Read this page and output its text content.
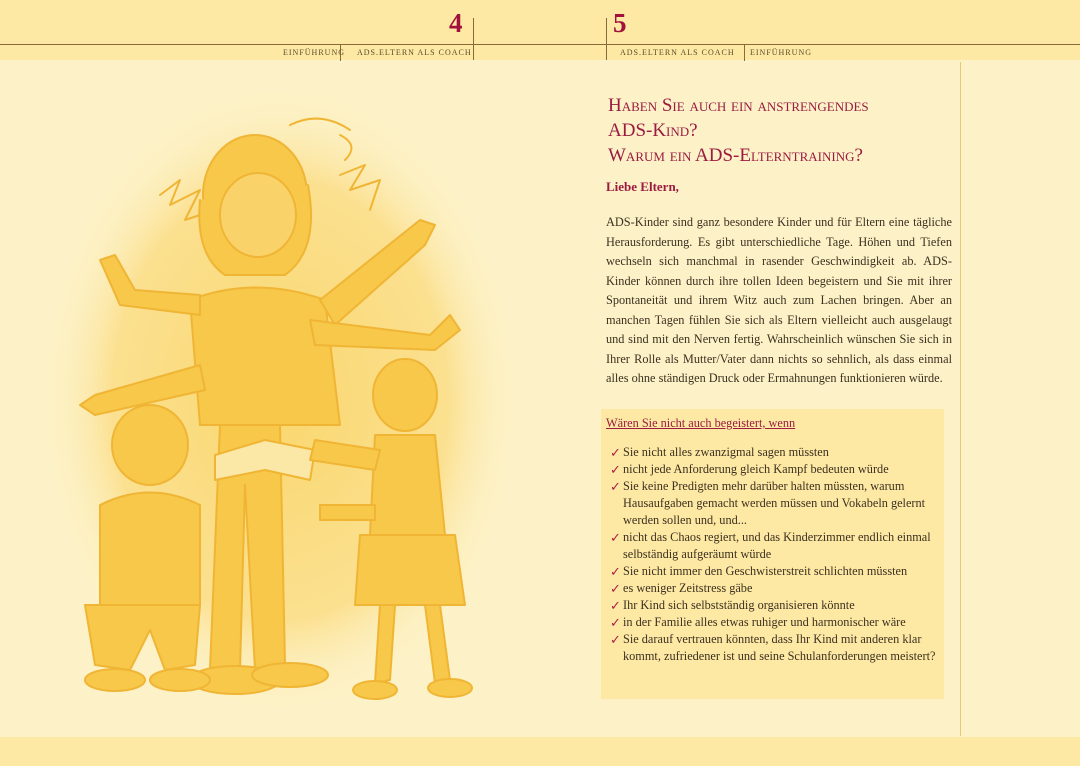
4	5
EINFÜHRUNG ADS.ELTERN ALS COACH	ADS.ELTERN ALS COACH EINFÜHRUNG
Haben Sie auch ein anstrengendes
ADS-Kind?
Warum ein ADS-Elterntraining?
Liebe Eltern,
ADS-Kinder sind ganz besondere Kinder und für Eltern eine tägliche Herausforderung. Es gibt unterschiedliche Tage. Höhen und Tiefen wechseln sich manchmal in rasender Geschwindigkeit ab. ADS-Kinder können durch ihre tollen Ideen begeistern und Sie mit ihrer Spontaneität und ihrem Witz auch zum Lachen bringen. Aber an manchen Tagen fühlen Sie sich als Eltern vielleicht auch ausgelaugt und sind mit den Nerven fertig. Wahrscheinlich wünschen Sie sich in Ihrer Rolle als Mutter/Vater dann nichts so sehnlich, als dass einmal alles ohne ständigen Druck oder Ermahnungen funktionieren würde.
Wären Sie nicht auch begeistert, wenn
✓ Sie nicht alles zwanzigmal sagen müssten
✓ nicht jede Anforderung gleich Kampf bedeuten würde
✓ Sie keine Predigten mehr darüber halten müssten, warum Hausaufgaben gemacht werden müssen und Vokabeln gelernt werden sollen und, und...
✓ nicht das Chaos regiert, und das Kinderzimmer endlich einmal selbständig aufgeräumt würde
✓ Sie nicht immer den Geschwisterstreit schlichten müssten
✓ es weniger Zeitstress gäbe
✓ Ihr Kind sich selbstständig organisieren könnte
✓ in der Familie alles etwas ruhiger und harmonischer wäre
✓ Sie darauf vertrauen könnten, dass Ihr Kind mit anderen klar kommt, zufriedener ist und seine Schulanforderungen meistert?
